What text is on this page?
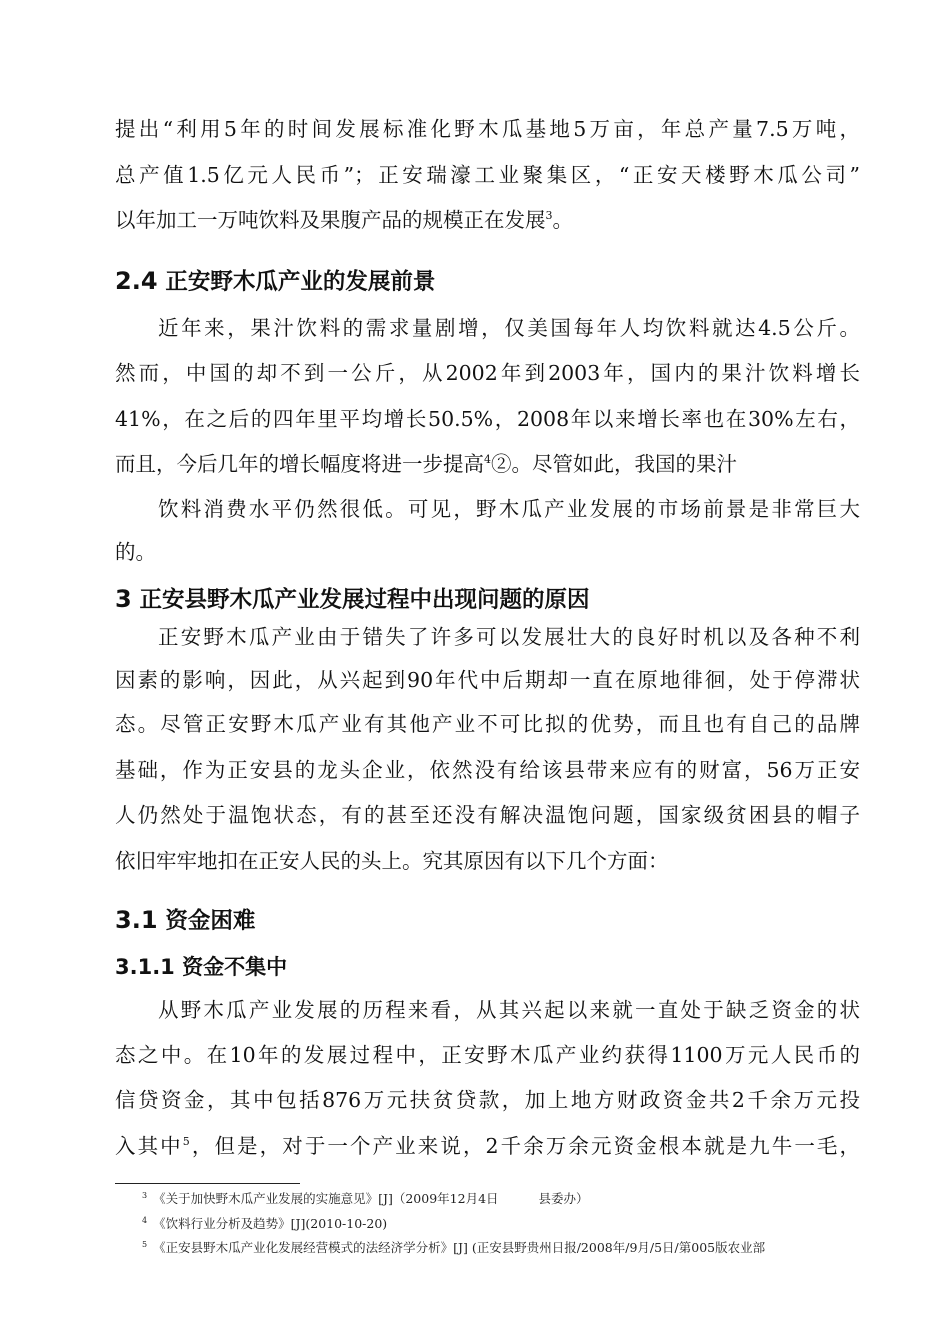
提出“利用5年的时间发展标准化野木瓜基地5万亩，年总产量7.5万吨，
总产值1.5亿元人民币”；正安瑞濠工业聚集区，“正安天楼野木瓜公司”
以年加工一万吨饮料及果腹产品的规模正在发展$^3$。
2.4 正安野木瓜产业的发展前景
近年来，果汁饮料的需求量剧增，仅美国每年人均饮料就达4.5公斤。
然而，中国的却不到一公斤，从2002年到2003年，国内的果汁饮料增长
41%，在之后的四年里平均增长50.5%，2008年以来增长率也在30%左右，
而且，今后几年的增长幅度将进一步提高$^4$②。尽管如此，我国的果汁
饮料消费水平仍然很低。可见，野木瓜产业发展的市场前景是非常巨大
的。
3 正安县野木瓜产业发展过程中出现问题的原因
正安野木瓜产业由于错失了许多可以发展壮大的良好时机以及各种不利
因素的影响，因此，从兴起到90年代中后期却一直在原地徘徊，处于停滞状
态。尽管正安野木瓜产业有其他产业不可比拟的优势，而且也有自己的品牌
基础，作为正安县的龙头企业，依然没有给该县带来应有的财富，56万正安
人仍然处于温饱状态，有的甚至还没有解决温饱问题，国家级贫困县的帽子
依旧牢牢地扣在正安人民的头上。究其原因有以下几个方面：
3.1 资金困难
3.1.1 资金不集中
从野木瓜产业发展的历程来看，从其兴起以来就一直处于缺乏资金的状
态之中。在10年的发展过程中，正安野木瓜产业约获得1100万元人民币的
信贷资金，其中包括876万元扶贫贷款，加上地方财政资金共2千余万元投
入其中$^5$，但是，对于一个产业来说，2千余万余元资金根本就是九牛一毛，
$^3$ 《关于加快野木瓜产业发展的实施意见》[J]（2009年12月4日	县委办）
$^4$ 《饮料行业分析及趋势》[J](2010-10-20)
$^5$ 《正安县野木瓜产业化发展经营模式的法经济学分析》[J] (正安县野贵州日报/2008年/9月/5日/第005版农业部
